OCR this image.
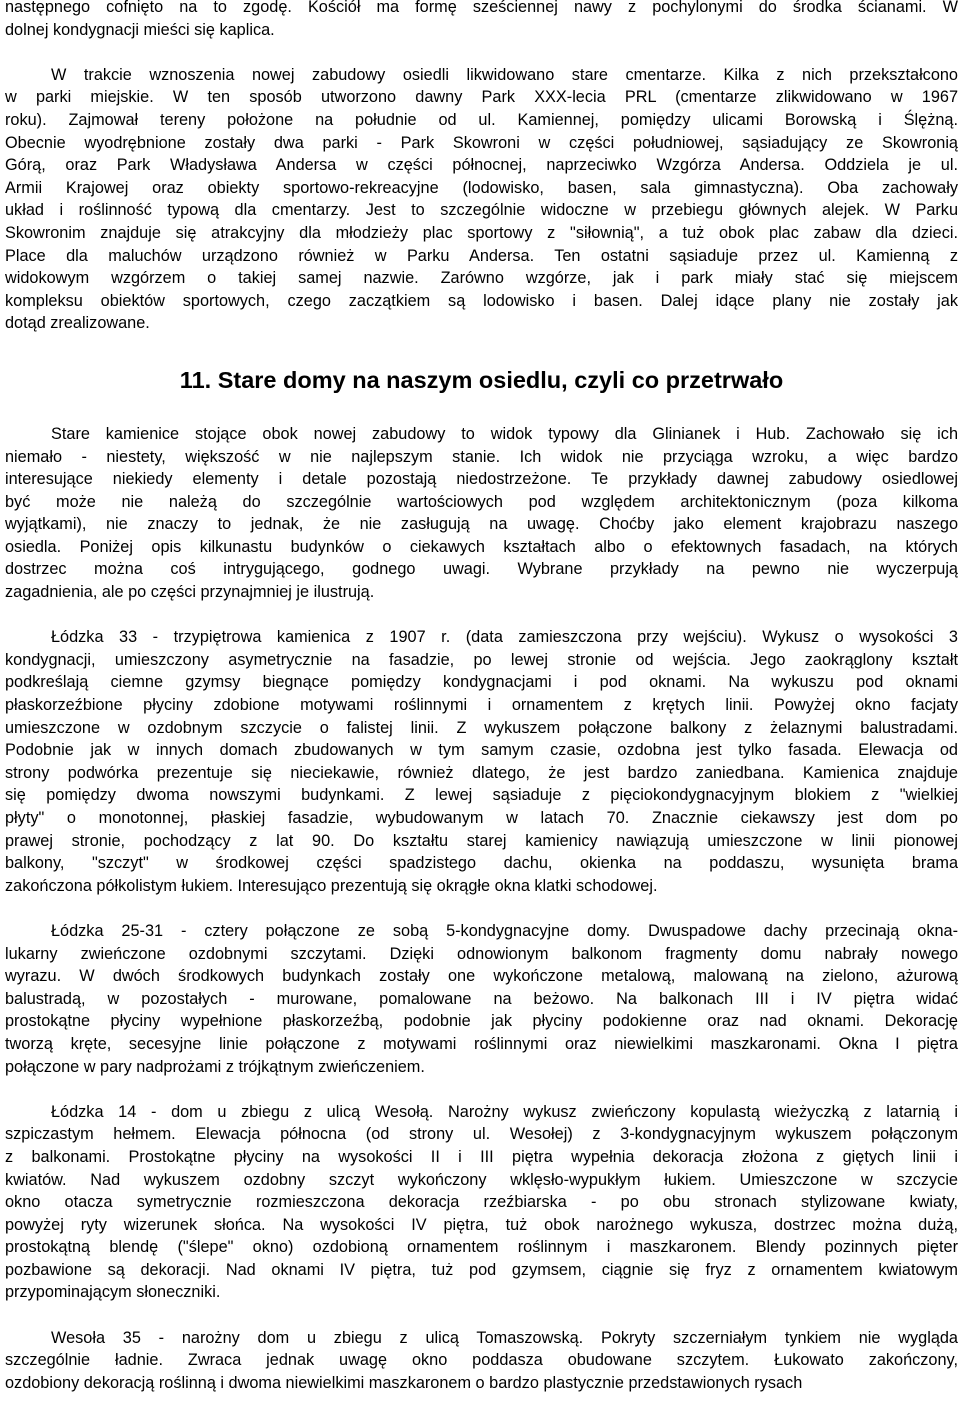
następnego cofnięto na to zgodę. Kościół ma formę sześciennej nawy z pochylonymi do środka ścianami. W
dolnej kondygnacji mieści się kaplica.
W trakcie wznoszenia nowej zabudowy osiedli likwidowano stare cmentarze. Kilka z nich przekształcono
w parki miejskie. W ten sposób utworzono dawny Park XXX-lecia PRL (cmentarze zlikwidowano w 1967
roku). Zajmował tereny położone na południe od ul. Kamiennej, pomiędzy ulicami Borowską i Ślężną.
Obecnie wyodrębnione zostały dwa parki - Park Skowroni w części południowej, sąsiadujący ze Skowronią
Górą, oraz Park Władysława Andersa w części północnej, naprzeciwko Wzgórza Andersa. Oddziela je ul.
Armii Krajowej oraz obiekty sportowo-rekreacyjne (lodowisko, basen, sala gimnastyczna). Oba zachowały
układ i roślinność typową dla cmentarzy. Jest to szczególnie widoczne w przebiegu głównych alejek. W Parku
Skowronim znajduje się atrakcyjny dla młodzieży plac sportowy z "siłownią", a tuż obok plac zabaw dla dzieci.
Place dla maluchów urządzono również w Parku Andersa. Ten ostatni sąsiaduje przez ul. Kamienną z
widokowym wzgórzem o takiej samej nazwie. Zarówno wzgórze, jak i park miały stać się miejscem
kompleksu obiektów sportowych, czego zaczątkiem są lodowisko i basen. Dalej idące plany nie zostały jak
dotąd zrealizowane.
11. Stare domy na naszym osiedlu, czyli co przetrwało
Stare kamienice stojące obok nowej zabudowy to widok typowy dla Glinianek i Hub. Zachowało się ich
niemało - niestety, większość w nie najlepszym stanie. Ich widok nie przyciąga wzroku, a więc bardzo
interesujące niekiedy elementy i detale pozostają niedostrzeżone. Te przykłady dawnej zabudowy osiedlowej
być może nie należą do szczególnie wartościowych pod względem architektonicznym (poza kilkoma
wyjątkami), nie znaczy to jednak, że nie zasługują na uwagę. Choćby jako element krajobrazu naszego
osiedla. Poniżej opis kilkunastu budynków o ciekawych kształtach albo o efektownych fasadach, na których
dostrzec można coś intrygującego, godnego uwagi. Wybrane przykłady na pewno nie wyczerpują
zagadnienia, ale po części przynajmniej je ilustrują.
Łódzka 33 - trzypiętrowa kamienica z 1907 r. (data zamieszczona przy wejściu). Wykusz o wysokości 3
kondygnacji, umieszczony asymetrycznie na fasadzie, po lewej stronie od wejścia. Jego zaokrąglony kształt
podkreślają ciemne gzymsy biegnące pomiędzy kondygnacjami i pod oknami. Na wykuszu pod oknami
płaskorzeźbione płyciny zdobione motywami roślinnymi i ornamentem z krętych linii. Powyżej okno facjaty
umieszczone w ozdobnym szczycie o falistej linii. Z wykuszem połączone balkony z żelaznymi balustradami.
Podobnie jak w innych domach zbudowanych w tym samym czasie, ozdobna jest tylko fasada. Elewacja od
strony podwórka prezentuje się nieciekawie, również dlatego, że jest bardzo zaniedbana. Kamienica znajduje
się pomiędzy dwoma nowszymi budynkami. Z lewej sąsiaduje z pięciokondygnacyjnym blokiem z "wielkiej
płyty" o monotonnej, płaskiej fasadzie, wybudowanym w latach 70. Znacznie ciekawszy jest dom po
prawej stronie, pochodzący z lat 90. Do kształtu starej kamienicy nawiązują umieszczone w linii pionowej
balkony, "szczyt" w środkowej części spadzistego dachu, okienka na poddaszu, wysunięta brama
zakończona półkolistym łukiem. Interesująco prezentują się okrągłe okna klatki schodowej.
Łódzka 25-31 - cztery połączone ze sobą 5-kondygnacyjne domy. Dwuspadowe dachy przecinają okna-
lukarny zwieńczone ozdobnymi szczytami. Dzięki odnowionym balkonom fragmenty domu nabrały nowego
wyrazu. W dwóch środkowych budynkach zostały one wykończone metalową, malowaną na zielono, ażurową
balustradą, w pozostałych - murowane, pomalowane na beżowo. Na balkonach III i IV piętra widać
prostokątne płyciny wypełnione płaskorzeźbą, podobnie jak płyciny podokienne oraz nad oknami. Dekorację
tworzą kręte, secesyjne linie połączone z motywami roślinnymi oraz niewielkimi maszkaronami. Okna I piętra
połączone w pary nadprożami z trójkątnym zwieńczeniem.
Łódzka 14 - dom u zbiegu z ulicą Wesołą. Narożny wykusz zwieńczony kopulastą wieżyczką z latarnią i
szpiczastym hełmem. Elewacja północna (od strony ul. Wesołej) z 3-kondygnacyjnym wykuszem połączonym
z balkonami. Prostokątne płyciny na wysokości II i III piętra wypełnia dekoracja złożona z giętych linii i
kwiatów. Nad wykuszem ozdobny szczyt wykończony wklęsło-wypukłym łukiem. Umieszczone w szczycie
okno otacza symetrycznie rozmieszczona dekoracja rzeźbiarska - po obu stronach stylizowane kwiaty,
powyżej ryty wizerunek słońca. Na wysokości IV piętra, tuż obok narożnego wykusza, dostrzec można dużą,
prostokątną blendę ("ślepe" okno) ozdobioną ornamentem roślinnym i maszkaronem. Blendy pozinnych pięter
pozbawione są dekoracji. Nad oknami IV piętra, tuż pod gzymsem, ciągnie się fryz z ornamentem kwiatowym
przypominającym słoneczniki.
Wesoła 35 - narożny dom u zbiegu z ulicą Tomaszowską. Pokryty szczerniałym tynkiem nie wygląda
szczególnie ładnie. Zwraca jednak uwagę okno poddasza obudowane szczytem. Łukowato zakończony,
ozdobiony dekoracją roślinną i dwoma niewielkimi maszkaronem o bardzo plastycznie przedstawionych rysach
